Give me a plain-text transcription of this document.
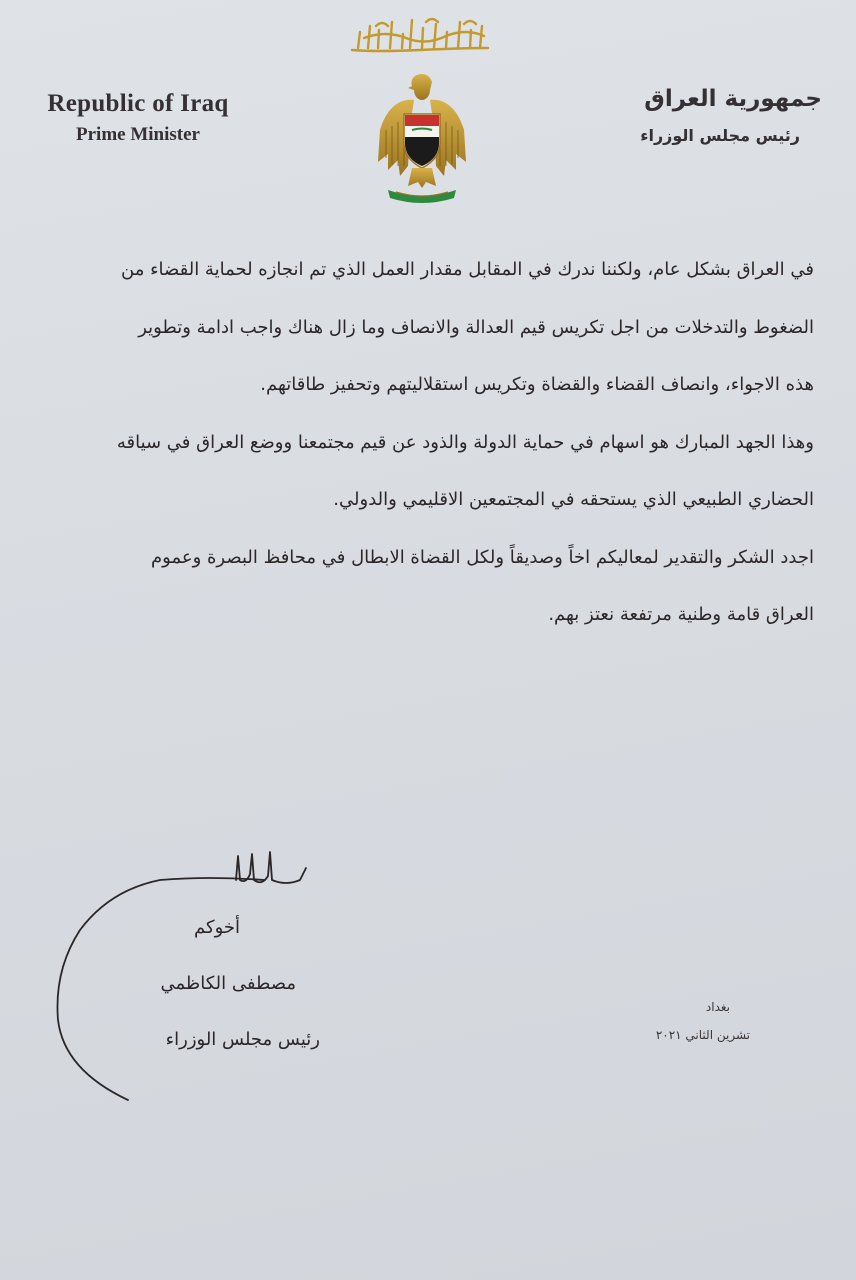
Republic of Iraq
Prime Minister
جمهورية العراق
رئيس مجلس الوزراء
في العراق بشكل عام، ولكننا ندرك في المقابل مقدار العمل الذي تم انجازه لحماية القضاء من
الضغوط والتدخلات من اجل تكريس قيم العدالة والانصاف وما زال هناك واجب ادامة وتطوير
هذه الاجواء، وانصاف القضاء والقضاة وتكريس استقلاليتهم وتحفيز طاقاتهم.
وهذا الجهد المبارك هو اسهام في حماية الدولة والذود عن قيم مجتمعنا ووضع العراق في سياقه
الحضاري الطبيعي الذي يستحقه في المجتمعين الاقليمي والدولي.
اجدد الشكر والتقدير لمعاليكم اخاً وصديقاً ولكل القضاة الابطال في محافظ البصرة وعموم
العراق قامة وطنية مرتفعة نعتز بهم.
أخوكم
مصطفى الكاظمي
رئيس مجلس الوزراء
بغداد
تشرين الثاني ٢٠٢١
